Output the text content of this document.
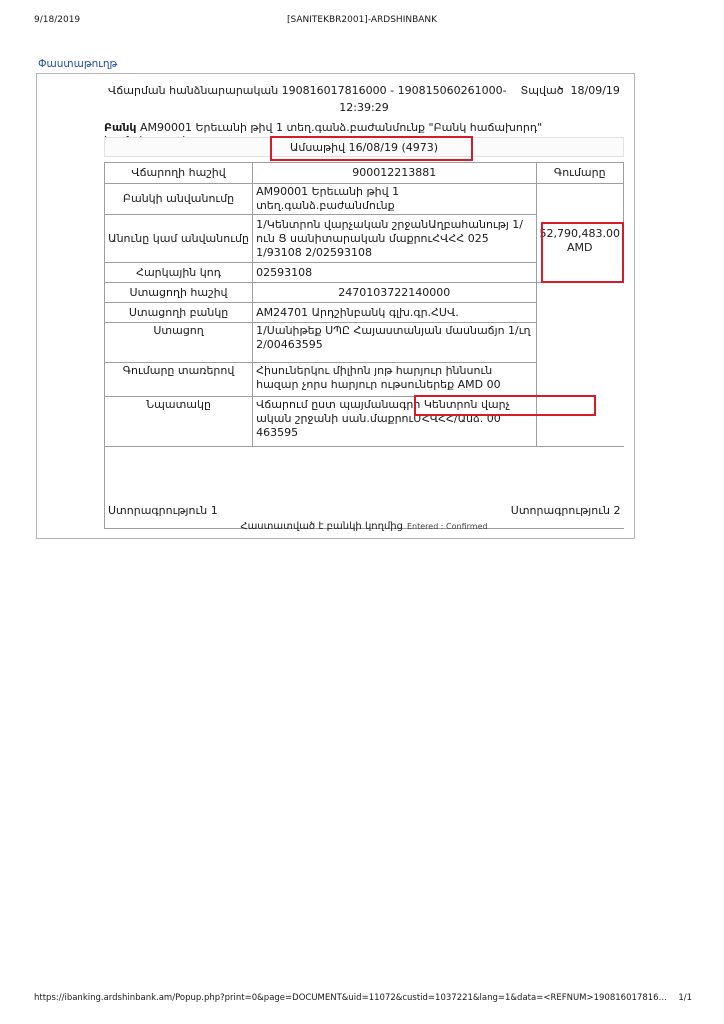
9/18/2019	[SANITEKBR2001]-ARDSHINBANK
Փաստաթուղթ
Վճարման հանձնարարական 190816017816000 - 190815060261000-    Տպված  18/09/19
12:39:29
Բանկ AM90001 Երեւանի թիվ 1 տեղ.գանձ.բաժանմունք "Բանկ հաճախորդ"
Ամսաթիվ 16/08/19 (4973)
Վճարողի հաշիվ	900012213881	Գումարը
Բանկի անվանումը	AM90001 Երեւանի թիվ 1 տեղ.գանձ.բաժանմունք	52,790,483.00 AMD
Անունը կամ անվանումը	1/Կենտրոն վարչական շրջանԱղբահանությ 1/ուն Ց սանիտարական մաքրուՀՎՀՀ 025 1/93108 2/02593108	
Հարկային կոդ	02593108	
Ստացողի հաշիվ	2470103722140000	
Ստացողի բանկը	AM24701 Արդշինբանկ գլխ.գր.ՀՍՎ.	
Ստացող	1/Սանիթեք ՍՊԸ Հայաստանյան մասնաճյո 1/ւղ 2/00463595	
Գումարը տառերով	Հիսուներկու միլիոն յոթ հարյուր իննսուն հազար չորս հարյուր ութսուներեք AMD 00	
Նպատակը	Վճարում ըստ պայմանագրի Կենտրոն վարչ ական շրջանի սան.մաքրուՄՀՎՀՀ/Անձ. 00 463595	

Ստորագրություն 1 Ստորագրություն 2		
Հաստատված է բանկի կողմից Entered : Confirmed
https://ibanking.ardshinbank.am/Popup.php?print=0&page=DOCUMENT&uid=11072&custid=1037221&lang=1&data=<REFNUM>190816017816… 1/1
